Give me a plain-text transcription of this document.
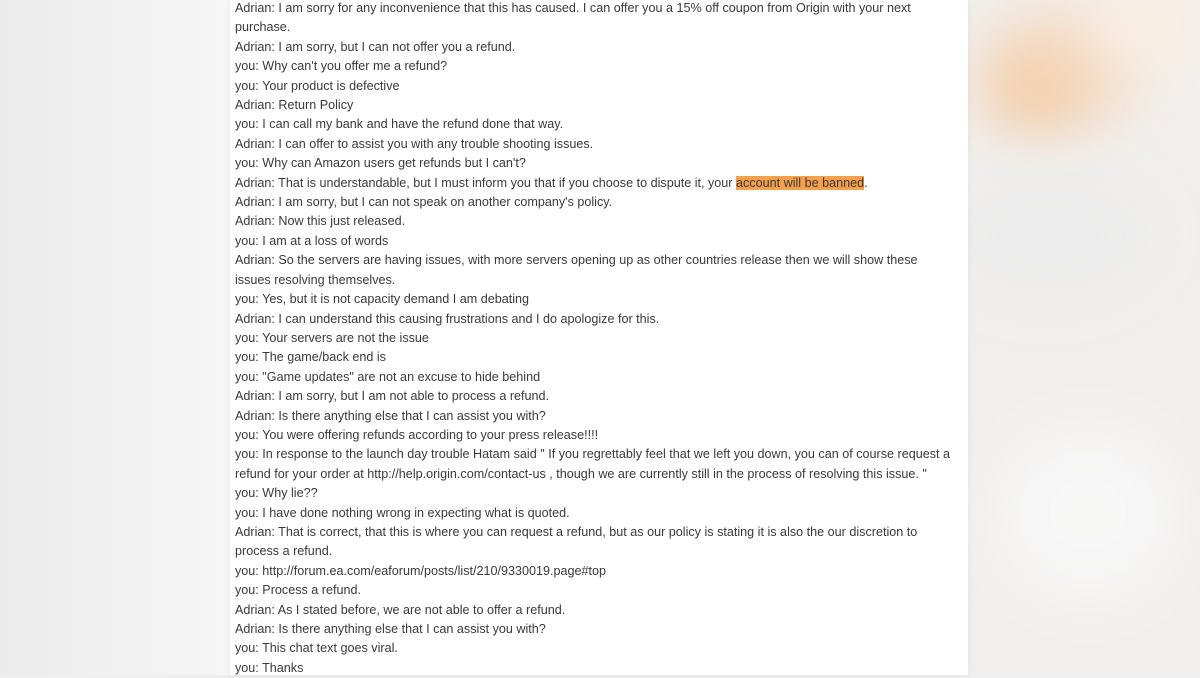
Adrian: I am sorry for any inconvenience that this has caused. I can offer you a 15% off coupon from Origin with your next purchase.
Adrian: I am sorry, but I can not offer you a refund.
you: Why can't you offer me a refund?
you: Your product is defective
Adrian: Return Policy
you: I can call my bank and have the refund done that way.
Adrian: I can offer to assist you with any trouble shooting issues.
you: Why can Amazon users get refunds but I can't?
Adrian: That is understandable, but I must inform you that if you choose to dispute it, your account will be banned.
Adrian: I am sorry, but I can not speak on another company's policy.
Adrian: Now this just released.
you: I am at a loss of words
Adrian: So the servers are having issues, with more servers opening up as other countries release then we will show these issues resolving themselves.
you: Yes, but it is not capacity demand I am debating
Adrian: I can understand this causing frustrations and I do apologize for this.
you: Your servers are not the issue
you: The game/back end is
you: "Game updates" are not an excuse to hide behind
Adrian: I am sorry, but I am not able to process a refund.
Adrian: Is there anything else that I can assist you with?
you: You were offering refunds according to your press release!!!!
you: In response to the launch day trouble Hatam said " If you regrettably feel that we left you down, you can of course request a refund for your order at http://help.origin.com/contact-us , though we are currently still in the process of resolving this issue. "
you: Why lie??
you: I have done nothing wrong in expecting what is quoted.
Adrian: That is correct, that this is where you can request a refund, but as our policy is stating it is also the our discretion to process a refund.
you: http://forum.ea.com/eaforum/posts/list/210/9330019.page#top
you: Process a refund.
Adrian: As I stated before, we are not able to offer a refund.
Adrian: Is there anything else that I can assist you with?
you: This chat text goes viral.
you: Thanks
